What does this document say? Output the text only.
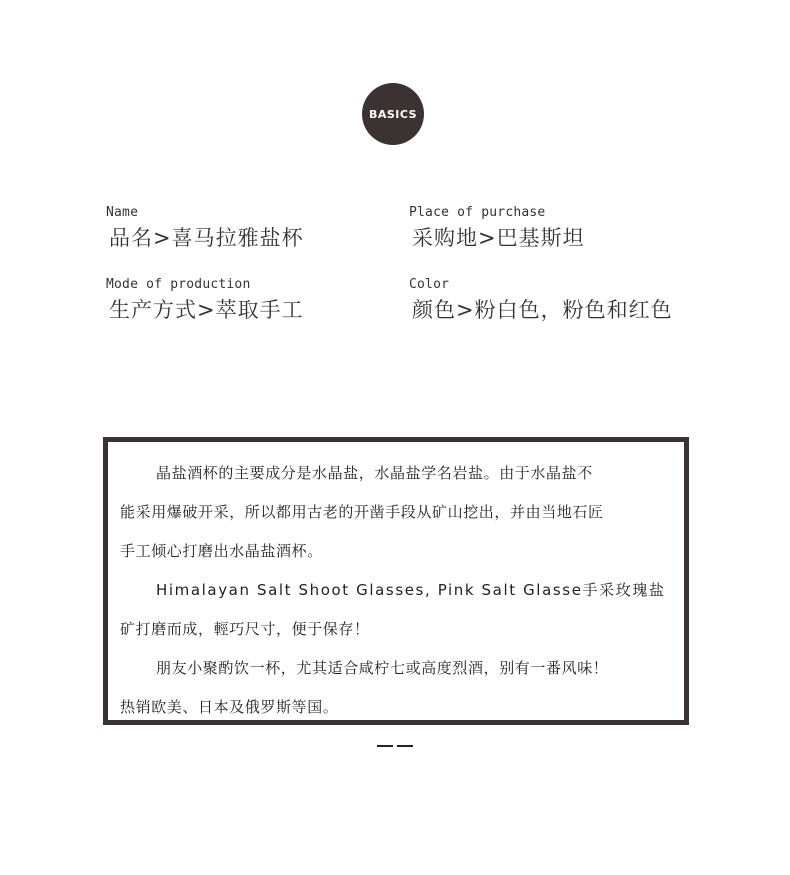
BASICS
Name
品名>喜马拉雅盐杯
Place of purchase
采购地>巴基斯坦
Mode of production
生产方式>萃取手工
Color
颜色>粉白色，粉色和红色
晶盐酒杯的主要成分是水晶盐，水晶盐学名岩盐。由于水晶盐不
能采用爆破开采，所以都用古老的开凿手段从矿山挖出，并由当地石匠
手工倾心打磨出水晶盐酒杯。
Himalayan Salt Shoot Glasses, Pink Salt Glasse手采玫瑰盐
矿打磨而成，輕巧尺寸，便于保存！
朋友小聚酌饮一杯，尤其适合咸柠七或高度烈酒，别有一番风味！
热销欧美、日本及俄罗斯等国。
